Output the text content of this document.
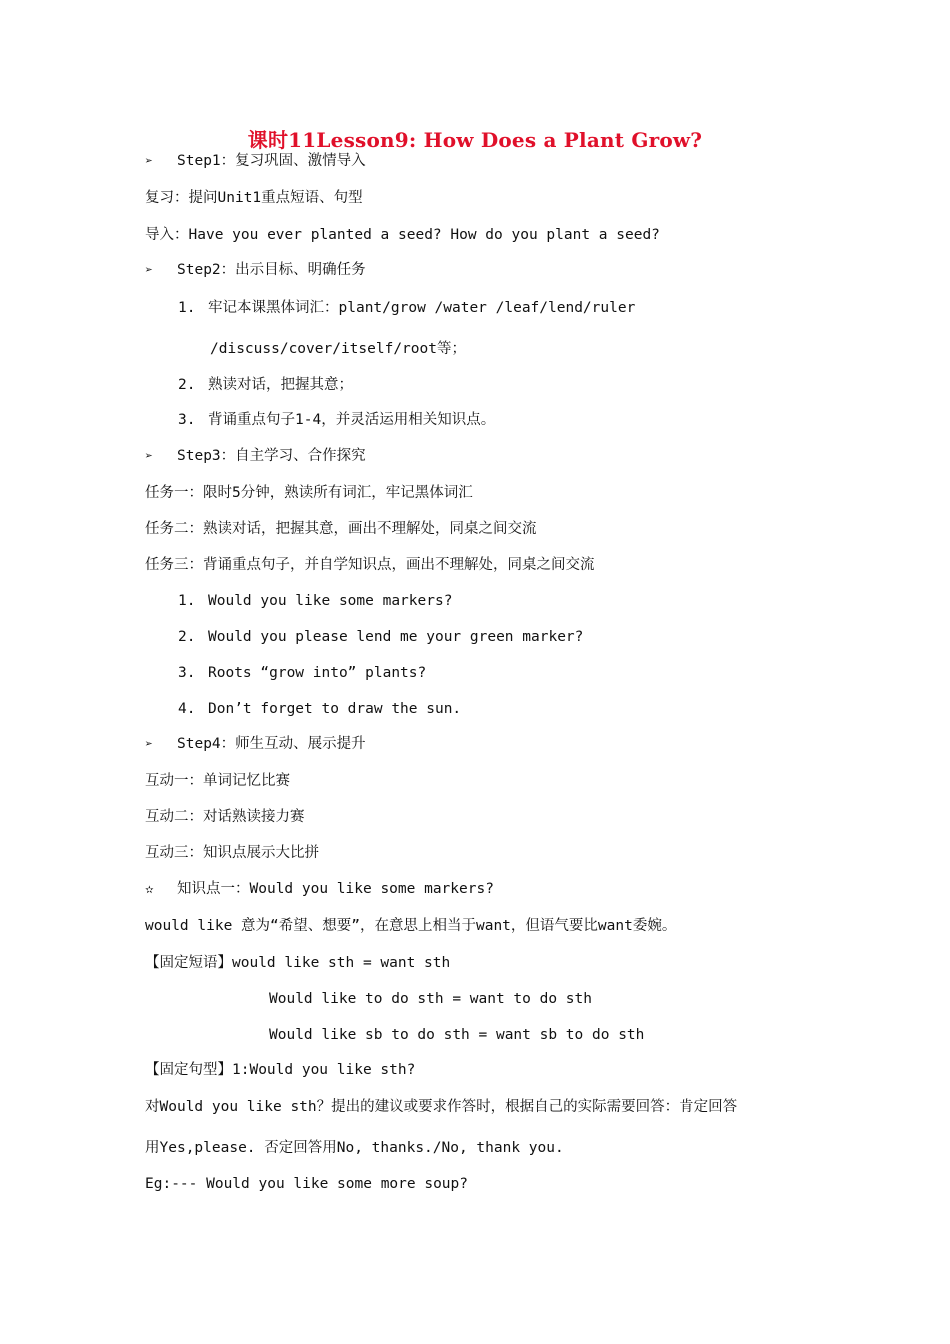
课时11Lesson9: How Does a Plant Grow?
➢ Step1：复习巩固、激情导入
复习：提问Unit1重点短语、句型
导入：Have you ever planted a seed? How do you plant a seed?
➢ Step2：出示目标、明确任务
1. 牢记本课黑体词汇：plant/grow /water /leaf/lend/ruler
/discuss/cover/itself/root等；
2. 熟读对话，把握其意；
3. 背诵重点句子1-4，并灵活运用相关知识点。
➢ Step3：自主学习、合作探究
任务一：限时5分钟，熟读所有词汇，牢记黑体词汇
任务二：熟读对话，把握其意，画出不理解处，同桌之间交流
任务三：背诵重点句子，并自学知识点，画出不理解处，同桌之间交流
1. Would you like some markers?
2. Would you please lend me your green marker?
3. Roots “grow into” plants?
4. Don’t forget to draw the sun.
➢ Step4：师生互动、展示提升
互动一：单词记忆比赛
互动二：对话熟读接力赛
互动三：知识点展示大比拼
✫ 知识点一：Would you like some markers?
would like 意为“希望、想要”，在意思上相当于want，但语气要比want委婉。
【固定短语】would like sth = want sth
Would like to do sth = want to do sth
Would like sb to do sth = want sb to do sth
【固定句型】1:Would you like sth?
对Would you like sth？提出的建议或要求作答时，根据自己的实际需要回答：肯定回答
用Yes,please. 否定回答用No, thanks./No, thank you.
Eg:--- Would you like some more soup?
